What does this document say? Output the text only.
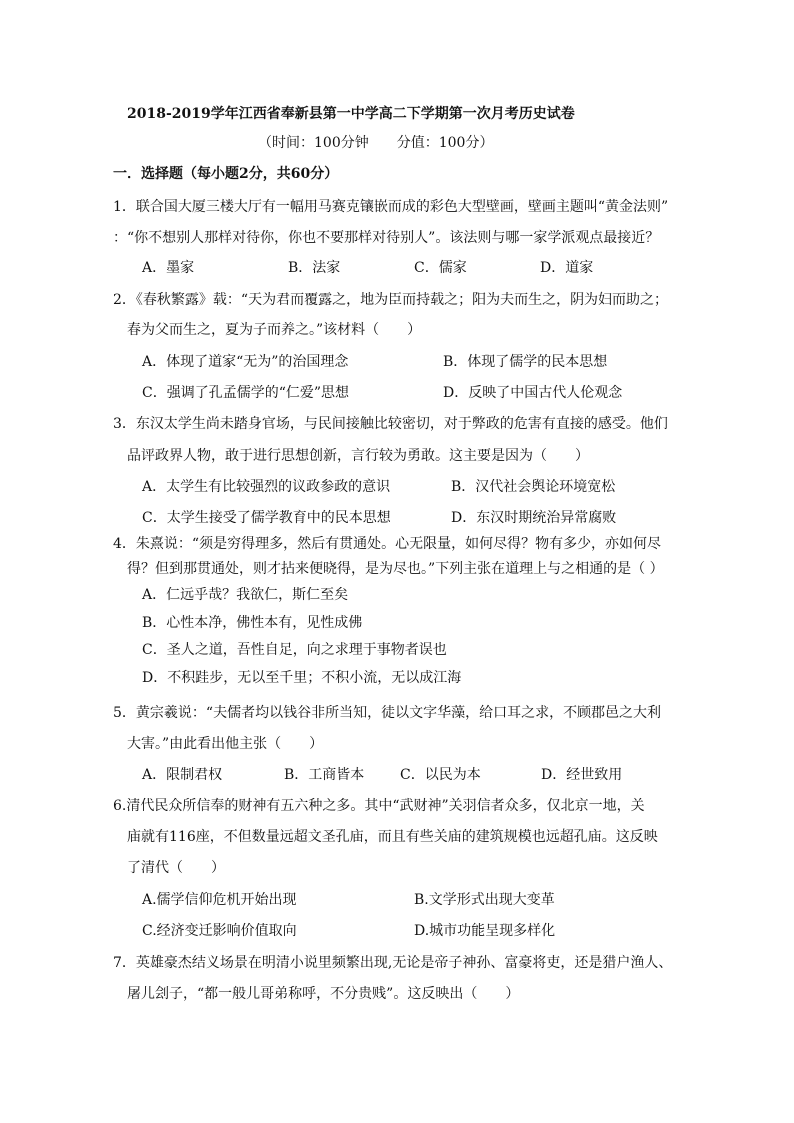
2018-2019学年江西省奉新县第一中学高二下学期第一次月考历史试卷
（时间：100分钟　　分值：100分）
一．选择题（每小题2分，共60分）
1．联合国大厦三楼大厅有一幅用马赛克镶嵌而成的彩色大型壁画，壁画主题叫“黄金法则”
：“你不想别人那样对待你，你也不要那样对待别人”。该法则与哪一家学派观点最接近？
A．墨家	B．法家	C．儒家	D．道家
2．《春秋繁露》载：“天为君而覆露之，地为臣而持载之；阳为夫而生之，阴为妇而助之；
春为父而生之，夏为子而养之。”该材料（　　）
A．体现了道家“无为”的治国理念	B．体现了儒学的民本思想
C．强调了孔孟儒学的“仁爱”思想	D．反映了中国古代人伦观念
3．东汉太学生尚未踏身官场，与民间接触比较密切，对于弊政的危害有直接的感受。他们
品评政界人物，敢于进行思想创新，言行较为勇敢。这主要是因为（　　）
A．太学生有比较强烈的议政参政的意识	B．汉代社会舆论环境宽松
C．太学生接受了儒学教育中的民本思想	D．东汉时期统治异常腐败
4．朱熹说：“须是穷得理多，然后有贯通处。心无限量，如何尽得？物有多少，亦如何尽
得？但到那贯通处，则才拈来便晓得，是为尽也。”下列主张在道理上与之相通的是（ ）
A．仁远乎哉？我欲仁，斯仁至矣
B．心性本净，佛性本有，见性成佛
C．圣人之道，吾性自足，向之求理于事物者误也
D．不积跬步，无以至千里；不积小流，无以成江海
5．黄宗羲说：“夫儒者均以钱谷非所当知，徒以文字华藻，给口耳之求，不顾郡邑之大利
大害。”由此看出他主张（　　）
A．限制君权	B．工商皆本	C．以民为本	D．经世致用
6.清代民众所信奉的财神有五六种之多。其中“武财神”关羽信者众多，仅北京一地，关
庙就有116座，不但数量远超文圣孔庙，而且有些关庙的建筑规模也远超孔庙。这反映
了清代（　　）
A.儒学信仰危机开始出现	B.文学形式出现大变革
C.经济变迁影响价值取向	D.城市功能呈现多样化
7．英雄豪杰结义场景在明清小说里频繁出现,无论是帝子神孙、富豪将吏，还是猎户渔人、
屠儿刽子，“都一般儿哥弟称呼，不分贵贱”。这反映出（　　）
